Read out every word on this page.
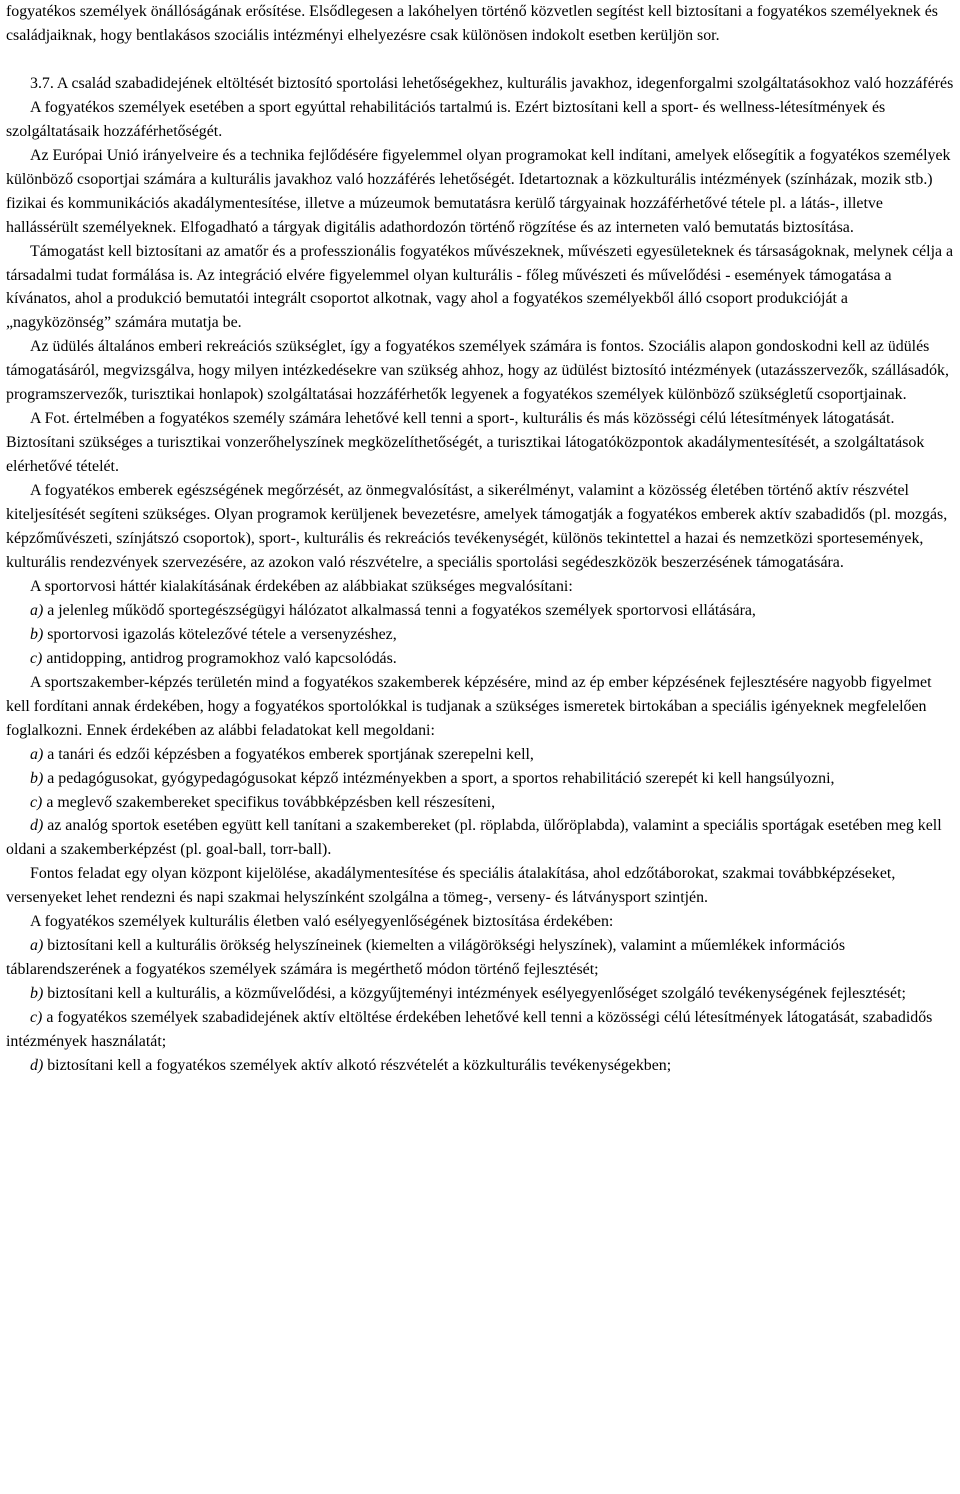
fogyatékos személyek önállóságának erősítése. Elsődlegesen a lakóhelyen történő közvetlen segítést kell biztosítani a fogyatékos személyeknek és családjaiknak, hogy bentlakásos szociális intézményi elhelyezésre csak különösen indokolt esetben kerüljön sor.

3.7. A család szabadidejének eltöltését biztosító sportolási lehetőségekhez, kulturális javakhoz, idegenforgalmi szolgáltatásokhoz való hozzáférés

A fogyatékos személyek esetében a sport egyúttal rehabilitációs tartalmú is. Ezért biztosítani kell a sport- és wellness-létesítmények és szolgáltatásaik hozzáférhetőségét.

Az Európai Unió irányelveire és a technika fejlődésére figyelemmel olyan programokat kell indítani, amelyek elősegítik a fogyatékos személyek különböző csoportjai számára a kulturális javakhoz való hozzáférés lehetőségét. Idetartoznak a közkulturális intézmények (színházak, mozik stb.) fizikai és kommunikációs akadálymentesítése, illetve a múzeumok bemutatásra kerülő tárgyainak hozzáférhetővé tétele pl. a látás-, illetve hallássérült személyeknek. Elfogadható a tárgyak digitális adathordozón történő rögzítése és az interneten való bemutatás biztosítása.

Támogatást kell biztosítani az amatőr és a professzionális fogyatékos művészeknek, művészeti egyesületeknek és társaságoknak, melynek célja a társadalmi tudat formálása is. Az integráció elvére figyelemmel olyan kulturális - főleg művészeti és művelődési - események támogatása a kívánatos, ahol a produkció bemutatói integrált csoportot alkotnak, vagy ahol a fogyatékos személyekből álló csoport produkcióját a „nagyközönség” számára mutatja be.

Az üdülés általános emberi rekreációs szükséglet, így a fogyatékos személyek számára is fontos. Szociális alapon gondoskodni kell az üdülés támogatásáról, megvizsgálva, hogy milyen intézkedésekre van szükség ahhoz, hogy az üdülést biztosító intézmények (utazásszervezők, szállásadók, programszervezők, turisztikai honlapok) szolgáltatásai hozzáférhetők legyenek a fogyatékos személyek különböző szükségletű csoportjainak.

A Fot. értelmében a fogyatékos személy számára lehetővé kell tenni a sport-, kulturális és más közösségi célú létesítmények látogatását. Biztosítani szükséges a turisztikai vonzerőhelyszínek megközelíthetőségét, a turisztikai látogatóközpontok akadálymentesítését, a szolgáltatások elérhetővé tételét.

A fogyatékos emberek egészségének megőrzését, az önmegvalósítást, a sikerélményt, valamint a közösség életében történő aktív részvétel kiteljesítését segíteni szükséges. Olyan programok kerüljenek bevezetésre, amelyek támogatják a fogyatékos emberek aktív szabadidős (pl. mozgás, képzőművészeti, színjátszó csoportok), sport-, kulturális és rekreációs tevékenységét, különös tekintettel a hazai és nemzetközi sportesemények, kulturális rendezvények szervezésére, az azokon való részvételre, a speciális sportolási segédeszközök beszerzésének támogatására.

A sportorvosi háttér kialakításának érdekében az alábbiakat szükséges megvalósítani:

a) a jelenleg működő sportegészségügyi hálózatot alkalmassá tenni a fogyatékos személyek sportorvosi ellátására,

b) sportorvosi igazolás kötelezővé tétele a versenyzéshez,

c) antidopping, antidrog programokhoz való kapcsolódás.

A sportszakember-képzés területén mind a fogyatékos szakemberek képzésére, mind az ép ember képzésének fejlesztésére nagyobb figyelmet kell fordítani annak érdekében, hogy a fogyatékos sportolókkal is tudjanak a szükséges ismeretek birtokában a speciális igényeknek megfelelően foglalkozni. Ennek érdekében az alábbi feladatokat kell megoldani:

a) a tanári és edzői képzésben a fogyatékos emberek sportjának szerepelni kell,

b) a pedagógusokat, gyógypedagógusokat képző intézményekben a sport, a sportos rehabilitáció szerepét ki kell hangsúlyozni,

c) a meglevő szakembereket specifikus továbbképzésben kell részesíteni,

d) az analóg sportok esetében együtt kell tanítani a szakembereket (pl. röplabda, ülőröplabda), valamint a speciális sportágak esetében meg kell oldani a szakemberképzést (pl. goal-ball, torr-ball).

Fontos feladat egy olyan központ kijelölése, akadálymentesítése és speciális átalakítása, ahol edzőtáborokat, szakmai továbbképzéseket, versenyeket lehet rendezni és napi szakmai helyszínként szolgálna a tömeg-, verseny- és látványsport szintjén.

A fogyatékos személyek kulturális életben való esélyegyenlőségének biztosítása érdekében:

a) biztosítani kell a kulturális örökség helyszíneinek (kiemelten a világörökségi helyszínek), valamint a műemlékek információs táblarendszerének a fogyatékos személyek számára is megérthető módon történő fejlesztését;

b) biztosítani kell a kulturális, a közművelődési, a közgyűjteményi intézmények esélyegyenlőséget szolgáló tevékenységének fejlesztését;

c) a fogyatékos személyek szabadidejének aktív eltöltése érdekében lehetővé kell tenni a közösségi célú létesítmények látogatását, szabadidős intézmények használatát;

d) biztosítani kell a fogyatékos személyek aktív alkotó részvételét a közkulturális tevékenységekben;
